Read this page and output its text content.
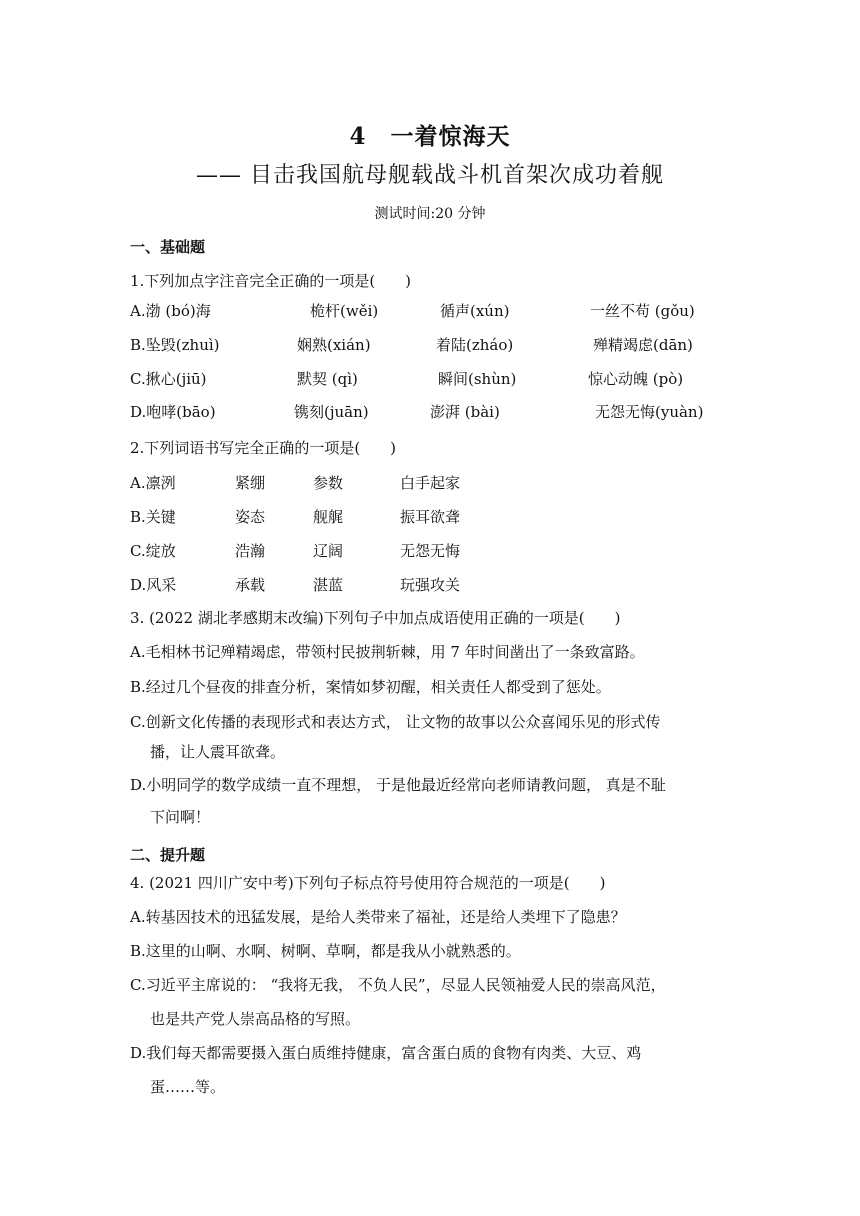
4　一着惊海天
—— 目击我国航母舰载战斗机首架次成功着舰
测试时间:20 分钟
一、基础题
1.下列加点字注音完全正确的一项是(　　)
A.渤 (bó)海	桅杆(wěi)	循声(xún)	一丝不苟 (gǒu)
B.坠毁(zhuì)	娴熟(xián)	着陆(zháo)	殚精竭虑(dān)
C.揪心(jiū)	默契 (qì)	瞬间(shùn)	惊心动魄 (pò)
D.咆哮(bāo)	镌刻(juān)	澎湃 (bài)	无怨无悔(yuàn)
2.下列词语书写完全正确的一项是(　　)
A.凛洌	紧绷	参数	白手起家
B.关键	姿态	舰艉	振耳欲聋
C.绽放	浩瀚	辽阔	无怨无悔
D.风采	承载	湛蓝	玩强攻关
3. (2022 湖北孝感期末改编)下列句子中加点成语使用正确的一项是(　　)
A.毛相林书记殚精竭虑，带领村民披荆斩棘，用 7 年时间凿出了一条致富路。
B.经过几个昼夜的排查分析，案情如梦初醒，相关责任人都受到了惩处。
C.创新文化传播的表现形式和表达方式， 让文物的故事以公众喜闻乐见的形式传
播，让人震耳欲聋。
D.小明同学的数学成绩一直不理想， 于是他最近经常向老师请教问题， 真是不耻
下问啊！
二、提升题
4. (2021 四川广安中考)下列句子标点符号使用符合规范的一项是(　　)
A.转基因技术的迅猛发展，是给人类带来了福祉，还是给人类埋下了隐患？
B.这里的山啊、水啊、树啊、草啊，都是我从小就熟悉的。
C.习近平主席说的： “我将无我， 不负人民”，尽显人民领袖爱人民的崇高风范，
也是共产党人崇高品格的写照。
D.我们每天都需要摄入蛋白质维持健康，富含蛋白质的食物有肉类、大豆、鸡
蛋……等。
